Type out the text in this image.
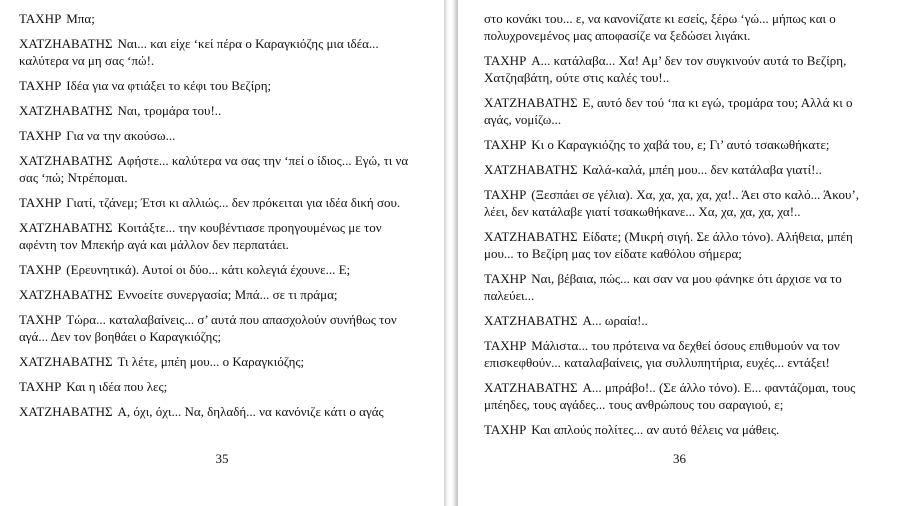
ΤΑΧΗΡ Μπα;

ΧΑΤΖΗΑΒΑΤΗΣ Ναι... και είχε ‘κεί πέρα ο Καραγκιόζης μια ιδέα... καλύτερα να μη σας ‘πώ!.

ΤΑΧΗΡ Ιδέα για να φτιάξει το κέφι του Βεζίρη;

ΧΑΤΖΗΑΒΑΤΗΣ Ναι, τρομάρα του!..

ΤΑΧΗΡ Για να την ακούσω...

ΧΑΤΖΗΑΒΑΤΗΣ Αφήστε... καλύτερα να σας την ‘πεί ο ίδιος... Εγώ, τι να σας ‘πώ; Ντρέπομαι.

ΤΑΧΗΡ Γιατί, τζάνεμ; Έτσι κι αλλιώς... δεν πρόκειται για ιδέα δική σου.

ΧΑΤΖΗΑΒΑΤΗΣ Κοιτάξτε... την κουβέντιασε προηγουμένως με τον αφέντη τον Μπεκήρ αγά και μάλλον δεν περπατάει.

ΤΑΧΗΡ (Ερευνητικά). Αυτοί οι δύο... κάτι κολεγιά έχουνε... Ε;

ΧΑΤΖΗΑΒΑΤΗΣ Εννοείτε συνεργασία; Μπά... σε τι πράμα;

ΤΑΧΗΡ Τώρα... καταλαβαίνεις... σ’ αυτά που απασχολούν συνήθως τον αγά... Δεν τον βοηθάει ο Καραγκιόζης;

ΧΑΤΖΗΑΒΑΤΗΣ Τι λέτε, μπέη μου... ο Καραγκιόζης;

ΤΑΧΗΡ Και η ιδέα που λες;

ΧΑΤΖΗΑΒΑΤΗΣ Α, όχι, όχι... Να, δηλαδή... να κανόνιζε κάτι ο αγάς

35

στο κονάκι του... ε, να κανονίζατε κι εσείς, ξέρω ‘γώ... μήπως και ο πολυχρονεμένος μας αποφασίζε να ξεδώσει λιγάκι.

ΤΑΧΗΡ Α... κατάλαβα... Χα! Αμ’ δεν τον συγκινούν αυτά το Βεζίρη, Χατζηαβάτη, ούτε στις καλές του!..

ΧΑΤΖΗΑΒΑΤΗΣ Ε, αυτό δεν τού ‘πα κι εγώ, τρομάρα του; Αλλά κι ο αγάς, νομίζω...

ΤΑΧΗΡ Κι ο Καραγκιόζης το χαβά του, ε; Γι’ αυτό τσακωθήκατε;

ΧΑΤΖΗΑΒΑΤΗΣ Καλά-καλά, μπέη μου... δεν κατάλαβα γιατί!..

ΤΑΧΗΡ (Ξεσπάει σε γέλια). Χα, χα, χα, χα, χα!.. Άει στο καλό... Άκου’, λέει, δεν κατάλαβε γιατί τσακωθήκανε... Χα, χα, χα, χα, χα!..

ΧΑΤΖΗΑΒΑΤΗΣ Είδατε; (Μικρή σιγή. Σε άλλο τόνο). Αλήθεια, μπέη μου... το Βεζίρη μας τον είδατε καθόλου σήμερα;

ΤΑΧΗΡ Ναι, βέβαια, πώς... και σαν να μου φάνηκε ότι άρχισε να το παλεύει...

ΧΑΤΖΗΑΒΑΤΗΣ Α... ωραία!..

ΤΑΧΗΡ Μάλιστα... του πρότεινα να δεχθεί όσους επιθυμούν να τον επισκεφθούν... καταλαβαίνεις, για συλλυπητήρια, ευχές... εντάξει!

ΧΑΤΖΗΑΒΑΤΗΣ Α... μπράβο!.. (Σε άλλο τόνο). Ε... φαντάζομαι, τους μπέηδες, τους αγάδες... τους ανθρώπους του σαραγιού, ε;

ΤΑΧΗΡ Και απλούς πολίτες... αν αυτό θέλεις να μάθεις.

36
